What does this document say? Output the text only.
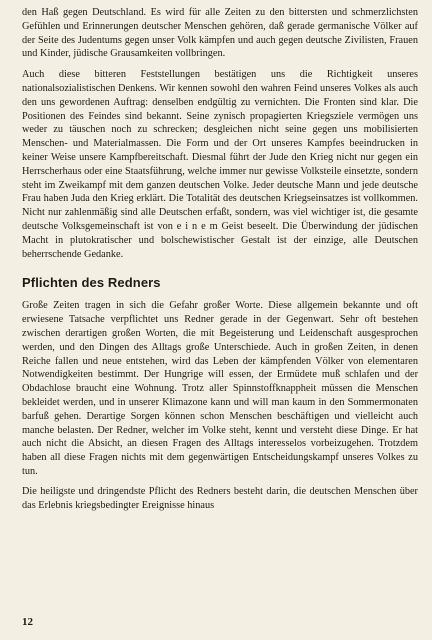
den Haß gegen Deutschland. Es wird für alle Zeiten zu den bittersten und schmerzlichsten Gefühlen und Erinnerungen deutscher Menschen gehören, daß gerade germanische Völker auf der Seite des Judentums gegen unser Volk kämpfen und auch gegen deutsche Zivilisten, Frauen und Kinder, jüdische Grausamkeiten vollbringen.

Auch diese bitteren Feststellungen bestätigen uns die Richtigkeit unseres nationalsozialistischen Denkens. Wir kennen sowohl den wahren Feind unseres Volkes als auch den uns gewordenen Auftrag: denselben endgültig zu vernichten. Die Fronten sind klar. Die Positionen des Feindes sind bekannt. Seine zynisch propagierten Kriegsziele vermögen uns weder zu täuschen noch zu schrecken; desgleichen nicht seine gegen uns mobilisierten Menschen- und Materialmassen. Die Form und der Ort unseres Kampfes beeindrucken in keiner Weise unsere Kampfbereitschaft. Diesmal führt der Jude den Krieg nicht nur gegen ein Herrscherhaus oder eine Staatsführung, welche immer nur gewisse Volksteile einsetzte, sondern steht im Zweikampf mit dem ganzen deutschen Volke. Jeder deutsche Mann und jede deutsche Frau haben Juda den Krieg erklärt. Die Totalität des deutschen Kriegseinsatzes ist vollkommen. Nicht nur zahlenmäßig sind alle Deutschen erfaßt, sondern, was viel wichtiger ist, die gesamte deutsche Volksgemeinschaft ist von e i n e m Geist beseelt. Die Überwindung der jüdischen Macht in plutokratischer und bolschewistischer Gestalt ist der einzige, alle Deutschen beherrschende Gedanke.

Pflichten des Redners

Große Zeiten tragen in sich die Gefahr großer Worte. Diese allgemein bekannte und oft erwiesene Tatsache verpflichtet uns Redner gerade in der Gegenwart. Sehr oft bestehen zwischen derartigen großen Worten, die mit Begeisterung und Leidenschaft ausgesprochen werden, und den Dingen des Alltags große Unterschiede. Auch in großen Zeiten, in denen Reiche fallen und neue entstehen, wird das Leben der kämpfenden Völker von elementaren Notwendigkeiten bestimmt. Der Hungrige will essen, der Ermüdete muß schlafen und der Obdachlose braucht eine Wohnung. Trotz aller Spinnstoffknappheit müssen die Menschen bekleidet werden, und in unserer Klimazone kann und will man kaum in den Sommermonaten barfuß gehen. Derartige Sorgen können schon Menschen beschäftigen und vielleicht auch manche belasten. Der Redner, welcher im Volke steht, kennt und versteht diese Dinge. Er hat auch nicht die Absicht, an diesen Fragen des Alltags interesselos vorbeizugehen. Trotzdem haben all diese Fragen nichts mit dem gegenwärtigen Entscheidungskampf unseres Volkes zu tun.

Die heiligste und dringendste Pflicht des Redners besteht darin, die deutschen Menschen über das Erlebnis kriegsbedingter Ereignisse hinaus

12
